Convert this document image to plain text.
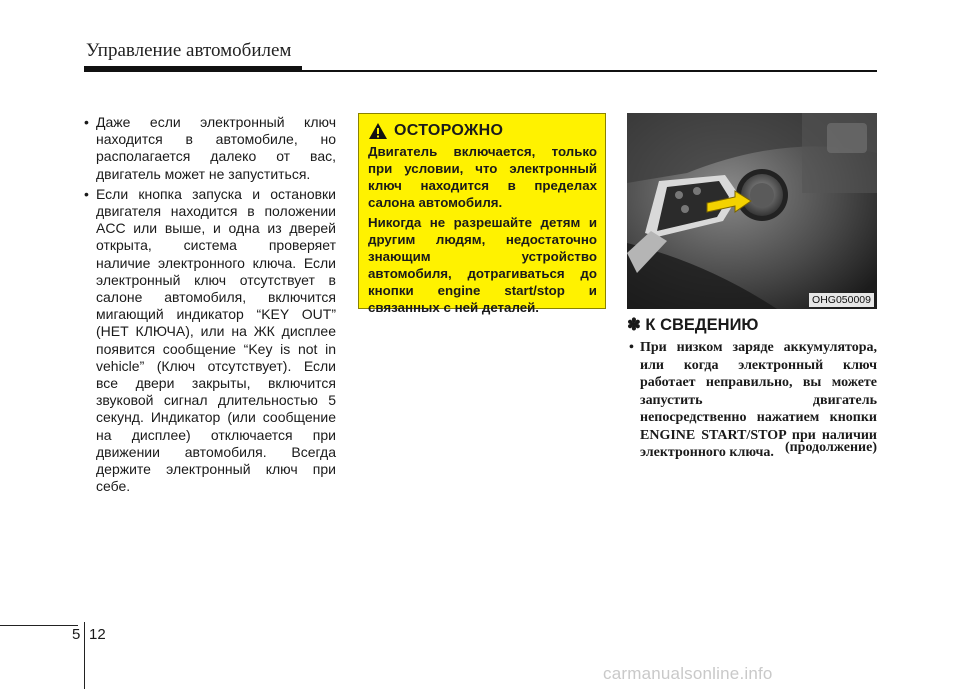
Управление автомобилем

• Даже если электронный ключ находится в автомобиле, но располагается далеко от вас, двигатель может не запуститься.

• Если кнопка запуска и остановки двигателя находится в положении ACC или выше, и одна из дверей открыта, система проверяет наличие электронного ключа. Если электронный ключ отсутствует в салоне автомобиля, включится мигающий индикатор “KEY OUT” (НЕТ КЛЮЧА), или на ЖК дисплее появится сообщение “Key is not in vehicle” (Ключ отсутствует). Если все двери закрыты, включится звуковой сигнал длительностью 5 секунд. Индикатор (или сообщение на дисплее) отключается при движении автомобиля. Всегда держите электронный ключ при себе.

ОСТОРОЖНО

Двигатель включается, только при условии, что электронный ключ находится в пределах салона автомобиля.

Никогда не разрешайте детям и другим людям, недостаточно знающим устройство автомобиля, дотрагиваться до кнопки engine start/stop и связанных с ней деталей.	OHG050009
✽ К СВЕДЕНИЮ

• При низком заряде аккумулятора, или когда электронный ключ работает неправильно, вы можете запустить двигатель непосредственно нажатием кнопки ENGINE START/STOP при наличии электронного ключа. (продолжение)
5 12
carmanualsonline.info
